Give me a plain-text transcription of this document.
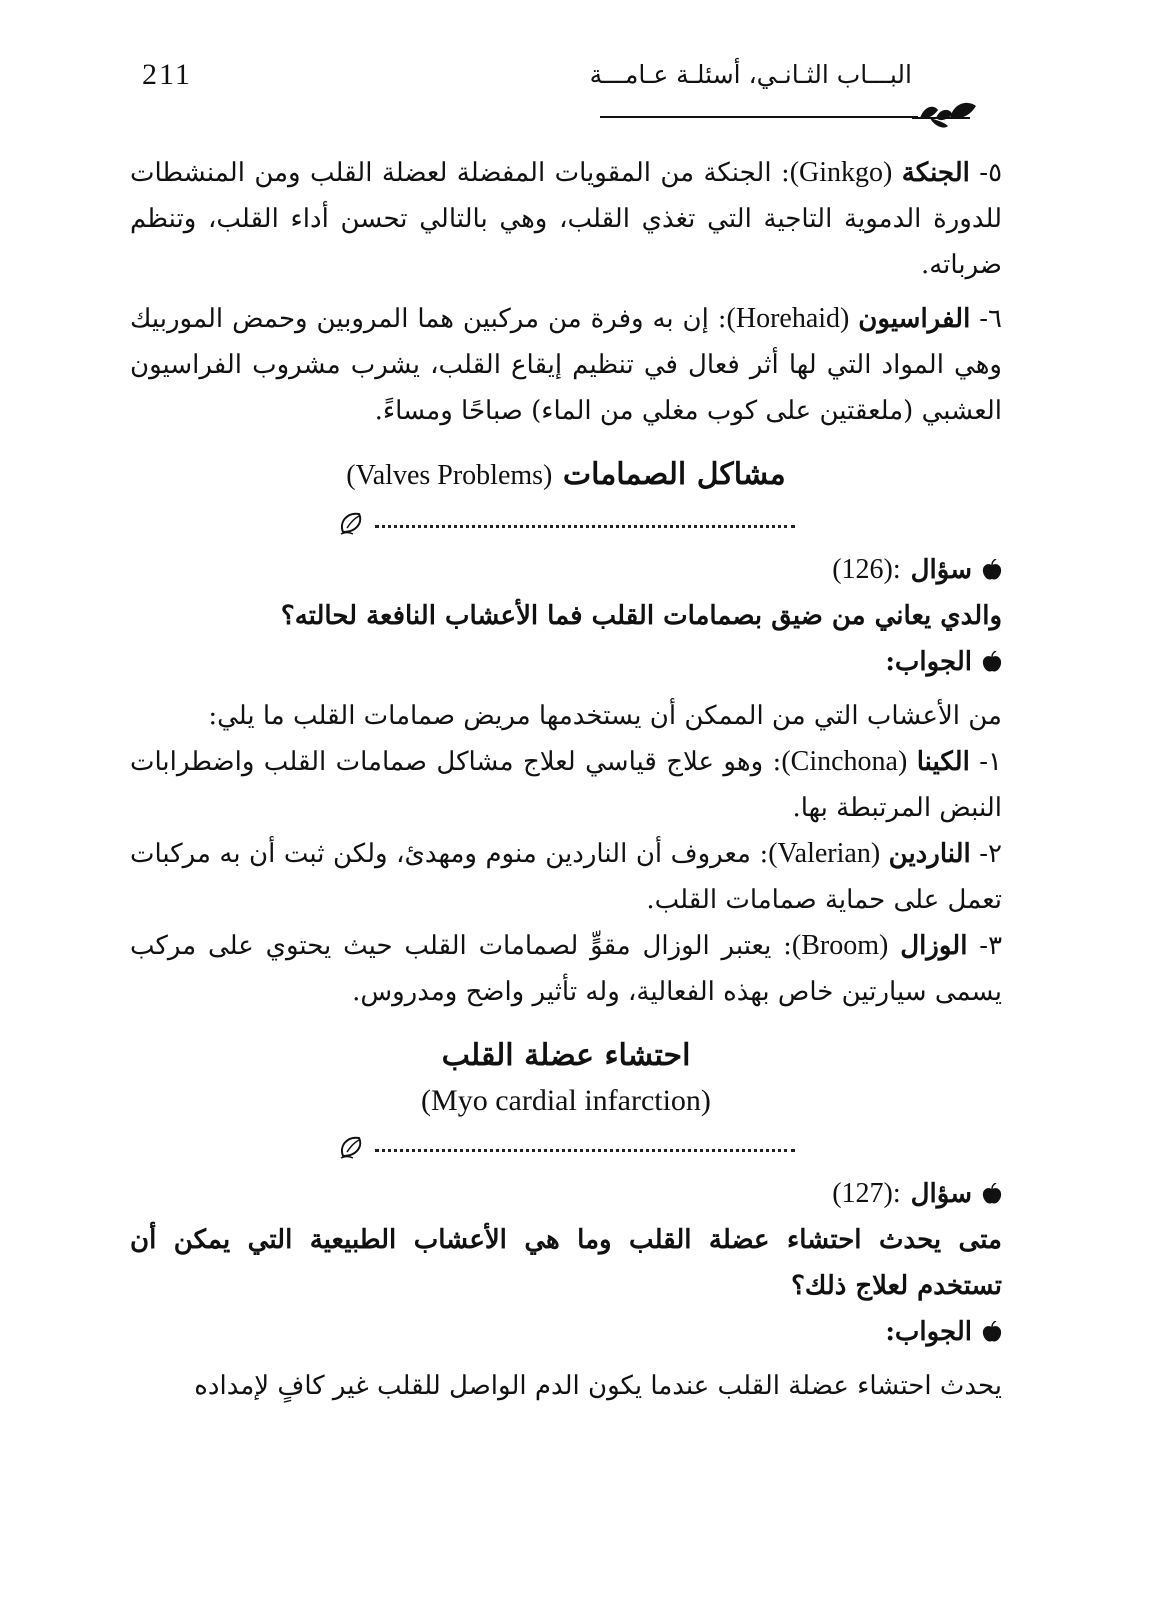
211	البـــاب الثـانـي، أسئلـة عـامـــة

٥- الجنكة (Ginkgo): الجنكة من المقويات المفضلة لعضلة القلب ومن المنشطات للدورة الدموية التاجية التي تغذي القلب، وهي بالتالي تحسن أداء القلب، وتنظم ضرباته.

٦- الفراسيون (Horehaid): إن به وفرة من مركبين هما المروبين وحمض الموربيك وهي المواد التي لها أثر فعال في تنظيم إيقاع القلب، يشرب مشروب الفراسيون العشبي (ملعقتين على كوب مغلي من الماء) صباحًا ومساءً.

مشاكل الصمامات (Valves Problems)
سؤال
(126):

والدي يعاني من ضيق بصمامات القلب فما الأعشاب النافعة لحالته؟

الجواب:

من الأعشاب التي من الممكن أن يستخدمها مريض صمامات القلب ما يلي:

١- الكينا (Cinchona): وهو علاج قياسي لعلاج مشاكل صمامات القلب واضطرابات النبض المرتبطة بها.

٢- الناردين (Valerian): معروف أن الناردين منوم ومهدئ، ولكن ثبت أن به مركبات تعمل على حماية صمامات القلب.

٣- الوزال (Broom): يعتبر الوزال مقوٍّ لصمامات القلب حيث يحتوي على مركب يسمى سيارتين خاص بهذه الفعالية، وله تأثير واضح ومدروس.

احتشاء عضلة القلب

(Myo cardial infarction)

سؤال
(127):

متى يحدث احتشاء عضلة القلب وما هي الأعشاب الطبيعية التي يمكن أن تستخدم لعلاج ذلك؟

الجواب:

يحدث احتشاء عضلة القلب عندما يكون الدم الواصل للقلب غير كافٍ لإمداده
